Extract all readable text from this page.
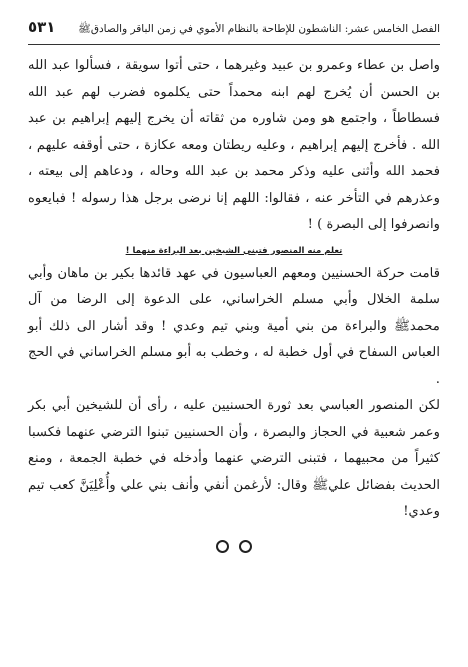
الفصل الخامس عشر: الناشطون للإطاحة بالنظام الأموي في زمن الباقر والصادقﷺ
٥٣١

واصل بن عطاء وعمرو بن عبيد وغيرهما ، حتى أتوا سويقة ، فسألوا عبد الله بن الحسن أن يُخرج لهم ابنه محمداً حتى يكلموه فضرب لهم عبد الله فسطاطاً ، واجتمع هو ومن شاوره من ثقاته أن يخرج إليهم إبراهيم بن عبد الله . فأخرج إليهم إبراهيم ، وعليه ريطتان ومعه عكازة ، حتى أوقفه عليهم ، فحمد الله وأثنى عليه وذكر محمد بن عبد الله وحاله ، ودعاهم إلى بيعته ، وعذرهم في التأخر عنه ، فقالوا: اللهم إنا نرضى برجل هذا رسوله ! فبايعوه وانصرفوا إلى البصرة ) !

تعلم منه المنصور فتبنى الشيخين بعد البراءة منهما !

قامت حركة الحسنيين ومعهم العباسيون في عهد قائدها بكير بن ماهان وأبي سلمة الخلال وأبي مسلم الخراساني، على الدعوة إلى الرضا من آل محمدﷺ والبراءة من بني أمية وبني تيم وعدي ! وقد أشار الى ذلك أبو العباس السفاح في أول خطبة له ، وخطب به أبو مسلم الخراساني في الحج .

لكن المنصور العباسي بعد ثورة الحسنيين عليه ، رأى أن للشيخين أبي بكر وعمر شعبية في الحجاز والبصرة ، وأن الحسنيين تبنوا الترضي عنهما فكسبا كثيراً من محبيهما ، فتبنى الترضي عنهما وأدخله في خطبة الجمعة ، ومنع الحديث بفضائل عليﷺ وقال: لأرغمن أنفي وأنف بني علي وأُعْلِيَنَّ كعب تيم وعدي!
